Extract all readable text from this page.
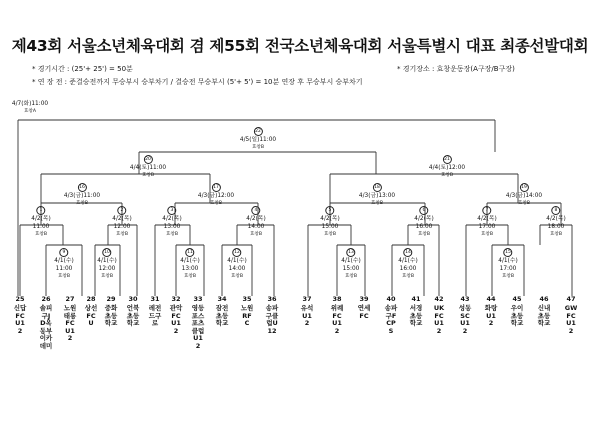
제43회 서울소년체육대회 겸 제55회 전국소년체육대회 서울특별시 대표 최종선발대회
* 경기시간 : (25'+ 25') = 50분	* 경기장소 : 효창운동장(A구장/B구장)
* 연 장 전 : 준결승전까지 무승부시 승부차기 / 결승전 무승부시 (5'+ 5') = 10분 연장 후 무승부시 승부차기
4/7(화)11:00
효창A
22
4/5(일)11:00
효창B
20
4/4(토)11:00
효창B
21
4/4(토)12:00
효창B
16
4/3(금)11:00
효창B
17
4/3(금)12:00
효창B
18
4/3(금)13:00
효창B
19
4/3(금)14:00
효창B
1
4/2(목)
11:00
효창B
2
4/2(목)
12:00
효창B
3
4/2(목)
13:00
효창B
4
4/2(목)
14:00
효창B
5
4/2(목)
15:00
효창B
6
4/2(목)
16:00
효창B
7
4/2(목)
17:00
효창B
8
4/2(목)
18:00
효창B
9
4/1(수)
11:00
효창B
10
4/1(수)
12:00
효창B
11
4/1(수)
13:00
효창B
12
4/1(수)
14:00
효창B
13
4/1(수)
15:00
효창B
14
4/1(수)
16:00
효창B
15
4/1(수)
17:00
효창B
25
신답FCU12
26
솔피구JD옥동부이카데미
27
노원태릉FCU12
28
상선FCU
29
중화초등학교
30
언북초등학교
31
레전드구로
32
관악FCU12
33
영등포스포츠클럽U12
34
잠전초등학교
35
노원RFC
36
송파구클럽U12
37
유석U12
38
위례FCU12
39
연세FC
40
송파구FCPS
41
서경초등학교
42
UKFCU12
43
성동SCU12
44
화랑U12
45
우이초등학교
46
신내초등학교
47
GWFCU12
